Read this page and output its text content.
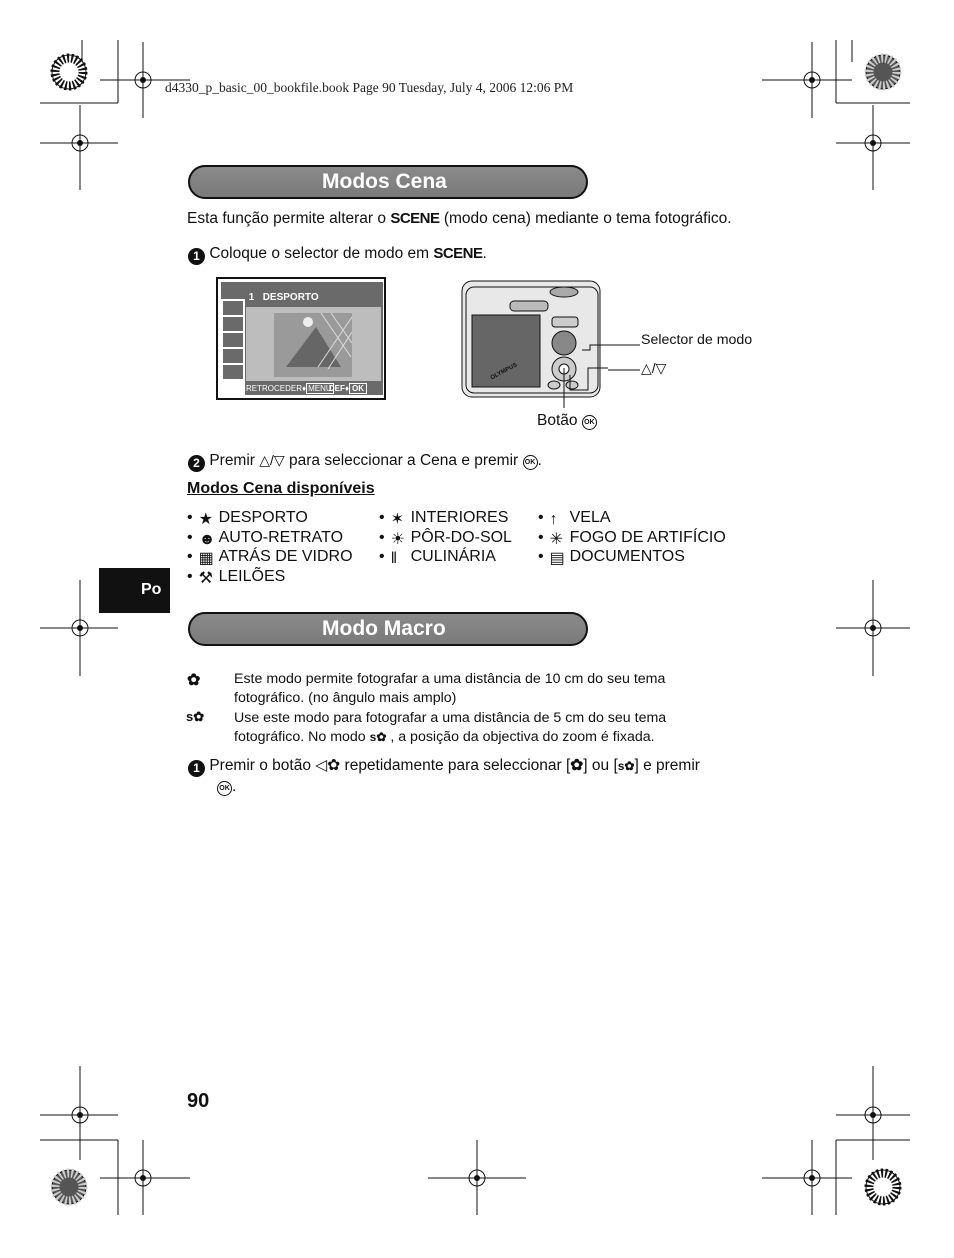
d4330_p_basic_00_bookfile.book Page 90 Tuesday, July 4, 2006 12:06 PM
Modos Cena
Esta função permite alterar o SCENE (modo cena) mediante o tema fotográfico.
1 Coloque o selector de modo em SCENE.
1 DESPORTO
RETROCEDER♦ MENU
DEF♦ OK
OLYMPUS
Selector de modo
△/▽
Botão OK
2 Premir △/▽ para seleccionar a Cena e premir OK .
Modos Cena disponíveis
• ★ DESPORTO
• ☻ AUTO-RETRATO
• ▦ ATRÁS DE VIDRO
• ⚒ LEILÕES
• ✶ INTERIORES
• ☀ PÔR-DO-SOL
• ‖ CULINÁRIA
• ↑ VELA
• ✳ FOGO DE ARTIFÍCIO
• ▤ DOCUMENTOS
Po
Modo Macro
✿ Este modo permite fotografar a uma distância de 10 cm do seu tema
fotográfico. (no ângulo mais amplo)
s✿ Use este modo para fotografar a uma distância de 5 cm do seu tema
fotográfico. No modo s✿ , a posição da objectiva do zoom é fixada.
1 Premir o botão ◁✿ repetidamente para seleccionar [✿] ou [s✿] e premir
OK .
90
